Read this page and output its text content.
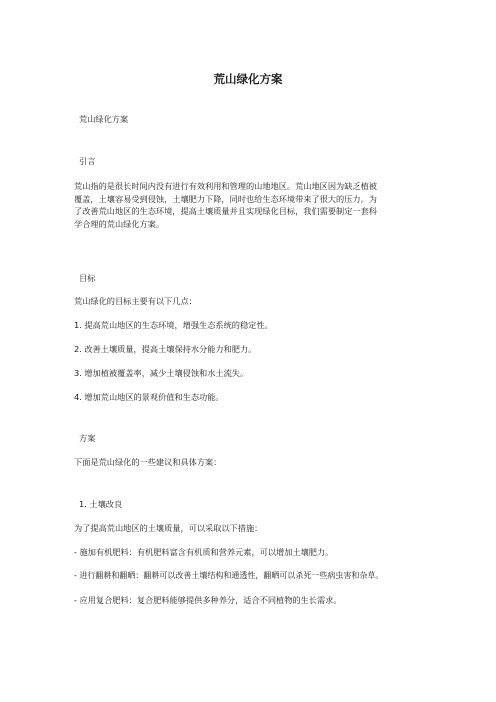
荒山绿化方案
荒山绿化方案
引言
荒山指的是很长时间内没有进行有效利用和管理的山地地区。荒山地区因为缺乏植被
覆盖，土壤容易受到侵蚀，土壤肥力下降，同时也给生态环境带来了很大的压力。为
了改善荒山地区的生态环境，提高土壤质量并且实现绿化目标，我们需要制定一套科
学合理的荒山绿化方案。
目标
荒山绿化的目标主要有以下几点：
1. 提高荒山地区的生态环境，增强生态系统的稳定性。
2. 改善土壤质量，提高土壤保持水分能力和肥力。
3. 增加植被覆盖率，减少土壤侵蚀和水土流失。
4. 增加荒山地区的景观价值和生态功能。
方案
下面是荒山绿化的一些建议和具体方案：
1. 土壤改良
为了提高荒山地区的土壤质量，可以采取以下措施：
- 施加有机肥料：有机肥料富含有机质和营养元素，可以增加土壤肥力。
- 进行翻耕和翻晒：翻耕可以改善土壤结构和通透性，翻晒可以杀死一些病虫害和杂草。
- 应用复合肥料：复合肥料能够提供多种养分，适合不同植物的生长需求。
